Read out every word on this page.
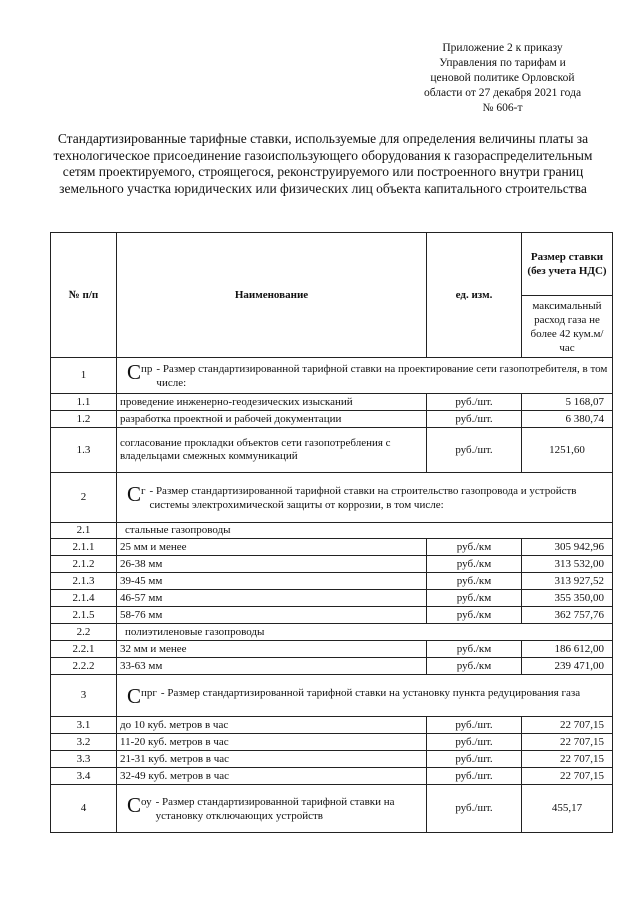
Приложение 2 к приказу
Управления по тарифам и
ценовой политике Орловской
области от 27 декабря 2021 года
№ 606-т
Стандартизированные тарифные ставки, используемые для определения величины платы за технологическое присоединение газоиспользующего оборудования к газораспределительным сетям проектируемого, строящегося, реконструируемого или построенного внутри границ земельного участка юридических или физических лиц объекта капитального строительства
№ п/п	Наименование	ед. изм.	Размер ставки (без учета НДС)
			максимальный расход газа не более 42 кум.м/час
1	$С^{пр}$ - Размер стандартизированной тарифной ставки на проектирование сети газопотребителя, в том числе:		

1.1	проведение инженерно-геодезических изысканий	руб./шт.	5 168,07
1.2	разработка проектной и рабочей документации	руб./шт.	6 380,74
1.3	согласование прокладки объектов сети газопотребления с владельцами смежных коммуникаций	руб./шт.	1251,60
2	$С^г$ - Размер стандартизированной тарифной ставки на строительство газопровода и устройств системы электрохимической защиты от коррозии, в том числе:		

2.1	стальные газопроводы		
2.1.1	25 мм и менее	руб./км	305 942,96
2.1.2	26-38 мм	руб./км	313 532,00
2.1.3	39-45 мм	руб./км	313 927,52
2.1.4	46-57 мм	руб./км	355 350,00
2.1.5	58-76 мм	руб./км	362 757,76
2.2	полиэтиленовые газопроводы		
2.2.1	32 мм и менее	руб./км	186 612,00
2.2.2	33-63 мм	руб./км	239 471,00
3	$С^{прг}$ - Размер стандартизированной тарифной ставки на установку пункта редуцирования газа		

3.1	до 10 куб. метров в час	руб./шт.	22 707,15
3.2	11-20 куб. метров в час	руб./шт.	22 707,15
3.3	21-31 куб. метров в час	руб./шт.	22 707,15
3.4	32-49 куб. метров в час	руб./шт.	22 707,15
4	$С^{оу}$ - Размер стандартизированной тарифной ставки на установку отключающих устройств	руб./шт.	455,17
